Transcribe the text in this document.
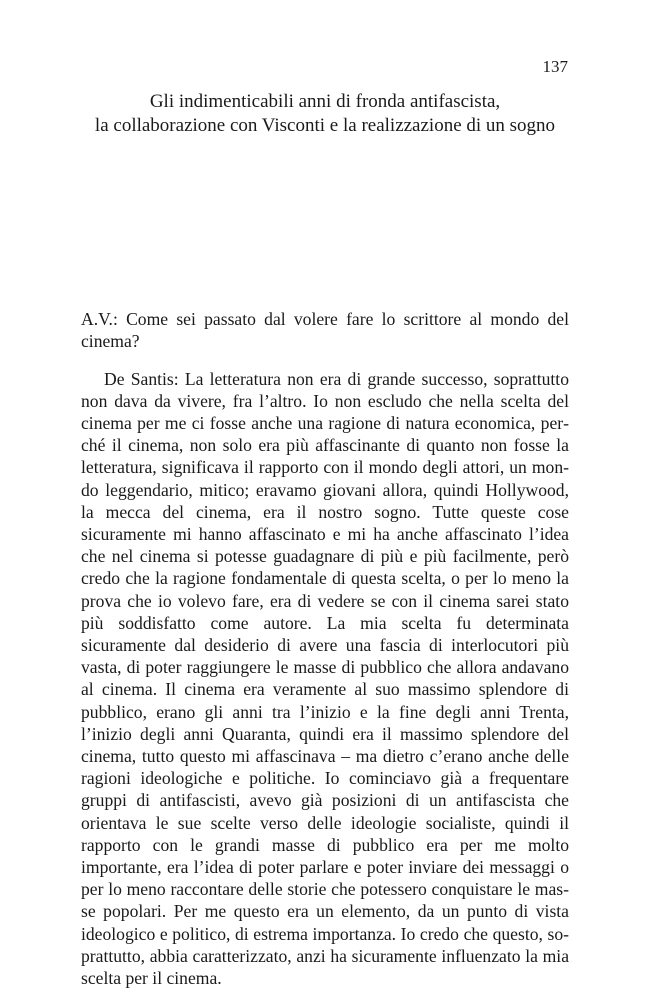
137
Gli indimenticabili anni di fronda antifascista,
la collaborazione con Visconti e la realizzazione di un sogno

A.V.: Come sei passato dal volere fare lo scrittore al mondo del cinema?

De Santis: La letteratura non era di grande successo, soprattutto non dava da vivere, fra l’altro. Io non escludo che nella scelta del cinema per me ci fosse anche una ragione di natura economica, perché il cinema, non solo era più affascinante di quanto non fosse la letteratura, significava il rapporto con il mondo degli attori, un mondo leggendario, mitico; eravamo giovani allora, quindi Hollywood, la mecca del cinema, era il nostro sogno. Tutte queste cose sicuramente mi hanno affascinato e mi ha anche affascinato l’idea che nel cinema si potesse guadagnare di più e più facilmente, però credo che la ragione fondamentale di questa scelta, o per lo meno la prova che io volevo fare, era di vedere se con il cinema sarei stato più soddisfatto come autore. La mia scelta fu determinata sicuramente dal desiderio di avere una fascia di interlocutori più vasta, di poter raggiungere le masse di pubblico che allora andavano al cinema. Il cinema era veramente al suo massimo splendore di pubblico, erano gli anni tra l’inizio e la fine degli anni Trenta, l’inizio degli anni Quaranta, quindi era il massimo splendore del cinema, tutto questo mi affascinava – ma dietro c’erano anche delle ragioni ideologiche e politiche. Io cominciavo già a frequentare gruppi di antifascisti, avevo già posizioni di un antifascista che orientava le sue scelte verso delle ideologie socialiste, quindi il rapporto con le grandi masse di pubblico era per me molto importante, era l’idea di poter parlare e poter inviare dei messaggi o per lo meno raccontare delle storie che potessero conquistare le masse popolari. Per me questo era un elemento, da un punto di vista ideologico e politico, di estrema importanza. Io credo che questo, soprattutto, abbia caratterizzato, anzi ha sicuramente influenzato la mia scelta per il cinema.
